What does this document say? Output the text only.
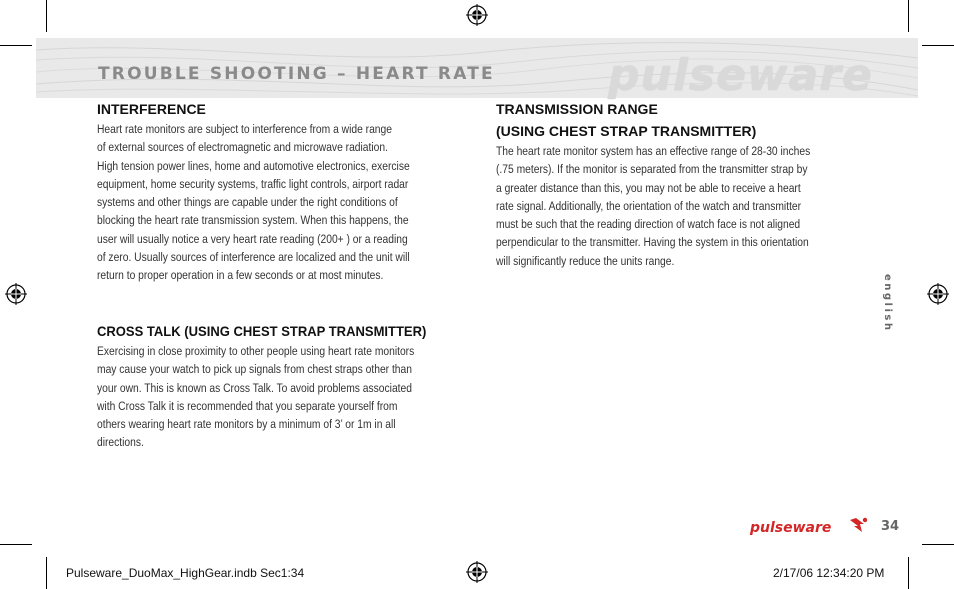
pulseware
TROUBLE SHOOTING – HEART RATE
INTERFERENCE
Heart rate monitors are subject to interference from a wide range
of external sources of electromagnetic and microwave radiation.
High tension power lines, home and automotive electronics, exercise
equipment, home security systems, traffic light controls, airport radar
systems and other things are capable under the right conditions of
blocking the heart rate transmission system. When this happens, the
user will usually notice a very heart rate reading (200+ ) or a reading
of zero. Usually sources of interference are localized and the unit will
return to proper operation in a few seconds or at most minutes.
CROSS TALK (USING CHEST STRAP TRANSMITTER)
Exercising in close proximity to other people using heart rate monitors
may cause your watch to pick up signals from chest straps other than
your own. This is known as Cross Talk. To avoid problems associated
with Cross Talk it is recommended that you separate yourself from
others wearing heart rate monitors by a minimum of 3’ or 1m in all
directions.
TRANSMISSION RANGE
(USING CHEST STRAP TRANSMITTER)
The heart rate monitor system has an effective range of 28-30 inches
(.75 meters). If the monitor is separated from the transmitter strap by
a greater distance than this, you may not be able to receive a heart
rate signal. Additionally, the orientation of the watch and transmitter
must be such that the reading direction of watch face is not aligned
perpendicular to the transmitter. Having the system in this orientation
will significantly reduce the units range.
english
pulseware	34
Pulseware_DuoMax_HighGear.indb Sec1:34	2/17/06 12:34:20 PM
